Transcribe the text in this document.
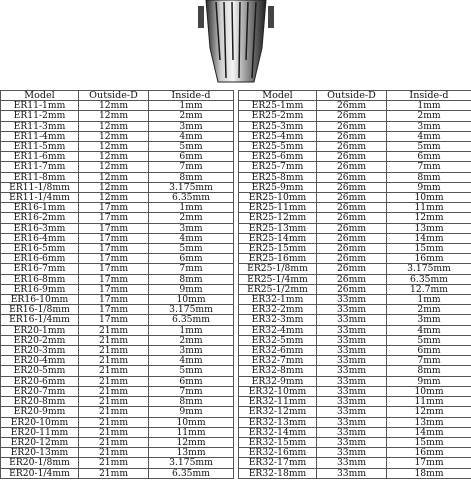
Model	Outside-D	Inside-d
ER11-1mm	12mm	1mm
ER11-2mm	12mm	2mm
ER11-3mm	12mm	3mm
ER11-4mm	12mm	4mm
ER11-5mm	12mm	5mm
ER11-6mm	12mm	6mm
ER11-7mm	12mm	7mm
ER11-8mm	12mm	8mm
ER11-1/8mm	12mm	3.175mm
ER11-1/4mm	12mm	6.35mm
ER16-1mm	17mm	1mm
ER16-2mm	17mm	2mm
ER16-3mm	17mm	3mm
ER16-4mm	17mm	4mm
ER16-5mm	17mm	5mm
ER16-6mm	17mm	6mm
ER16-7mm	17mm	7mm
ER16-8mm	17mm	8mm
ER16-9mm	17mm	9mm
ER16-10mm	17mm	10mm
ER16-1/8mm	17mm	3.175mm
ER16-1/4mm	17mm	6.35mm
ER20-1mm	21mm	1mm
ER20-2mm	21mm	2mm
ER20-3mm	21mm	3mm
ER20-4mm	21mm	4mm
ER20-5mm	21mm	5mm
ER20-6mm	21mm	6mm
ER20-7mm	21mm	7mm
ER20-8mm	21mm	8mm
ER20-9mm	21mm	9mm
ER20-10mm	21mm	10mm
ER20-11mm	21mm	11mm
ER20-12mm	21mm	12mm
ER20-13mm	21mm	13mm
ER20-1/8mm	21mm	3.175mm
ER20-1/4mm	21mm	6.35mm
Model	Outside-D	Inside-d
ER25-1mm	26mm	1mm
ER25-2mm	26mm	2mm
ER25-3mm	26mm	3mm
ER25-4mm	26mm	4mm
ER25-5mm	26mm	5mm
ER25-6mm	26mm	6mm
ER25-7mm	26mm	7mm
ER25-8mm	26mm	8mm
ER25-9mm	26mm	9mm
ER25-10mm	26mm	10mm
ER25-11mm	26mm	11mm
ER25-12mm	26mm	12mm
ER25-13mm	26mm	13mm
ER25-14mm	26mm	14mm
ER25-15mm	26mm	15mm
ER25-16mm	26mm	16mm
ER25-1/8mm	26mm	3.175mm
ER25-1/4mm	26mm	6.35mm
ER25-1/2mm	26mm	12.7mm
ER32-1mm	33mm	1mm
ER32-2mm	33mm	2mm
ER32-3mm	33mm	3mm
ER32-4mm	33mm	4mm
ER32-5mm	33mm	5mm
ER32-6mm	33mm	6mm
ER32-7mm	33mm	7mm
ER32-8mm	33mm	8mm
ER32-9mm	33mm	9mm
ER32-10mm	33mm	10mm
ER32-11mm	33mm	11mm
ER32-12mm	33mm	12mm
ER32-13mm	33mm	13mm
ER32-14mm	33mm	14mm
ER32-15mm	33mm	15mm
ER32-16mm	33mm	16mm
ER32-17mm	33mm	17mm
ER32-18mm	33mm	18mm
